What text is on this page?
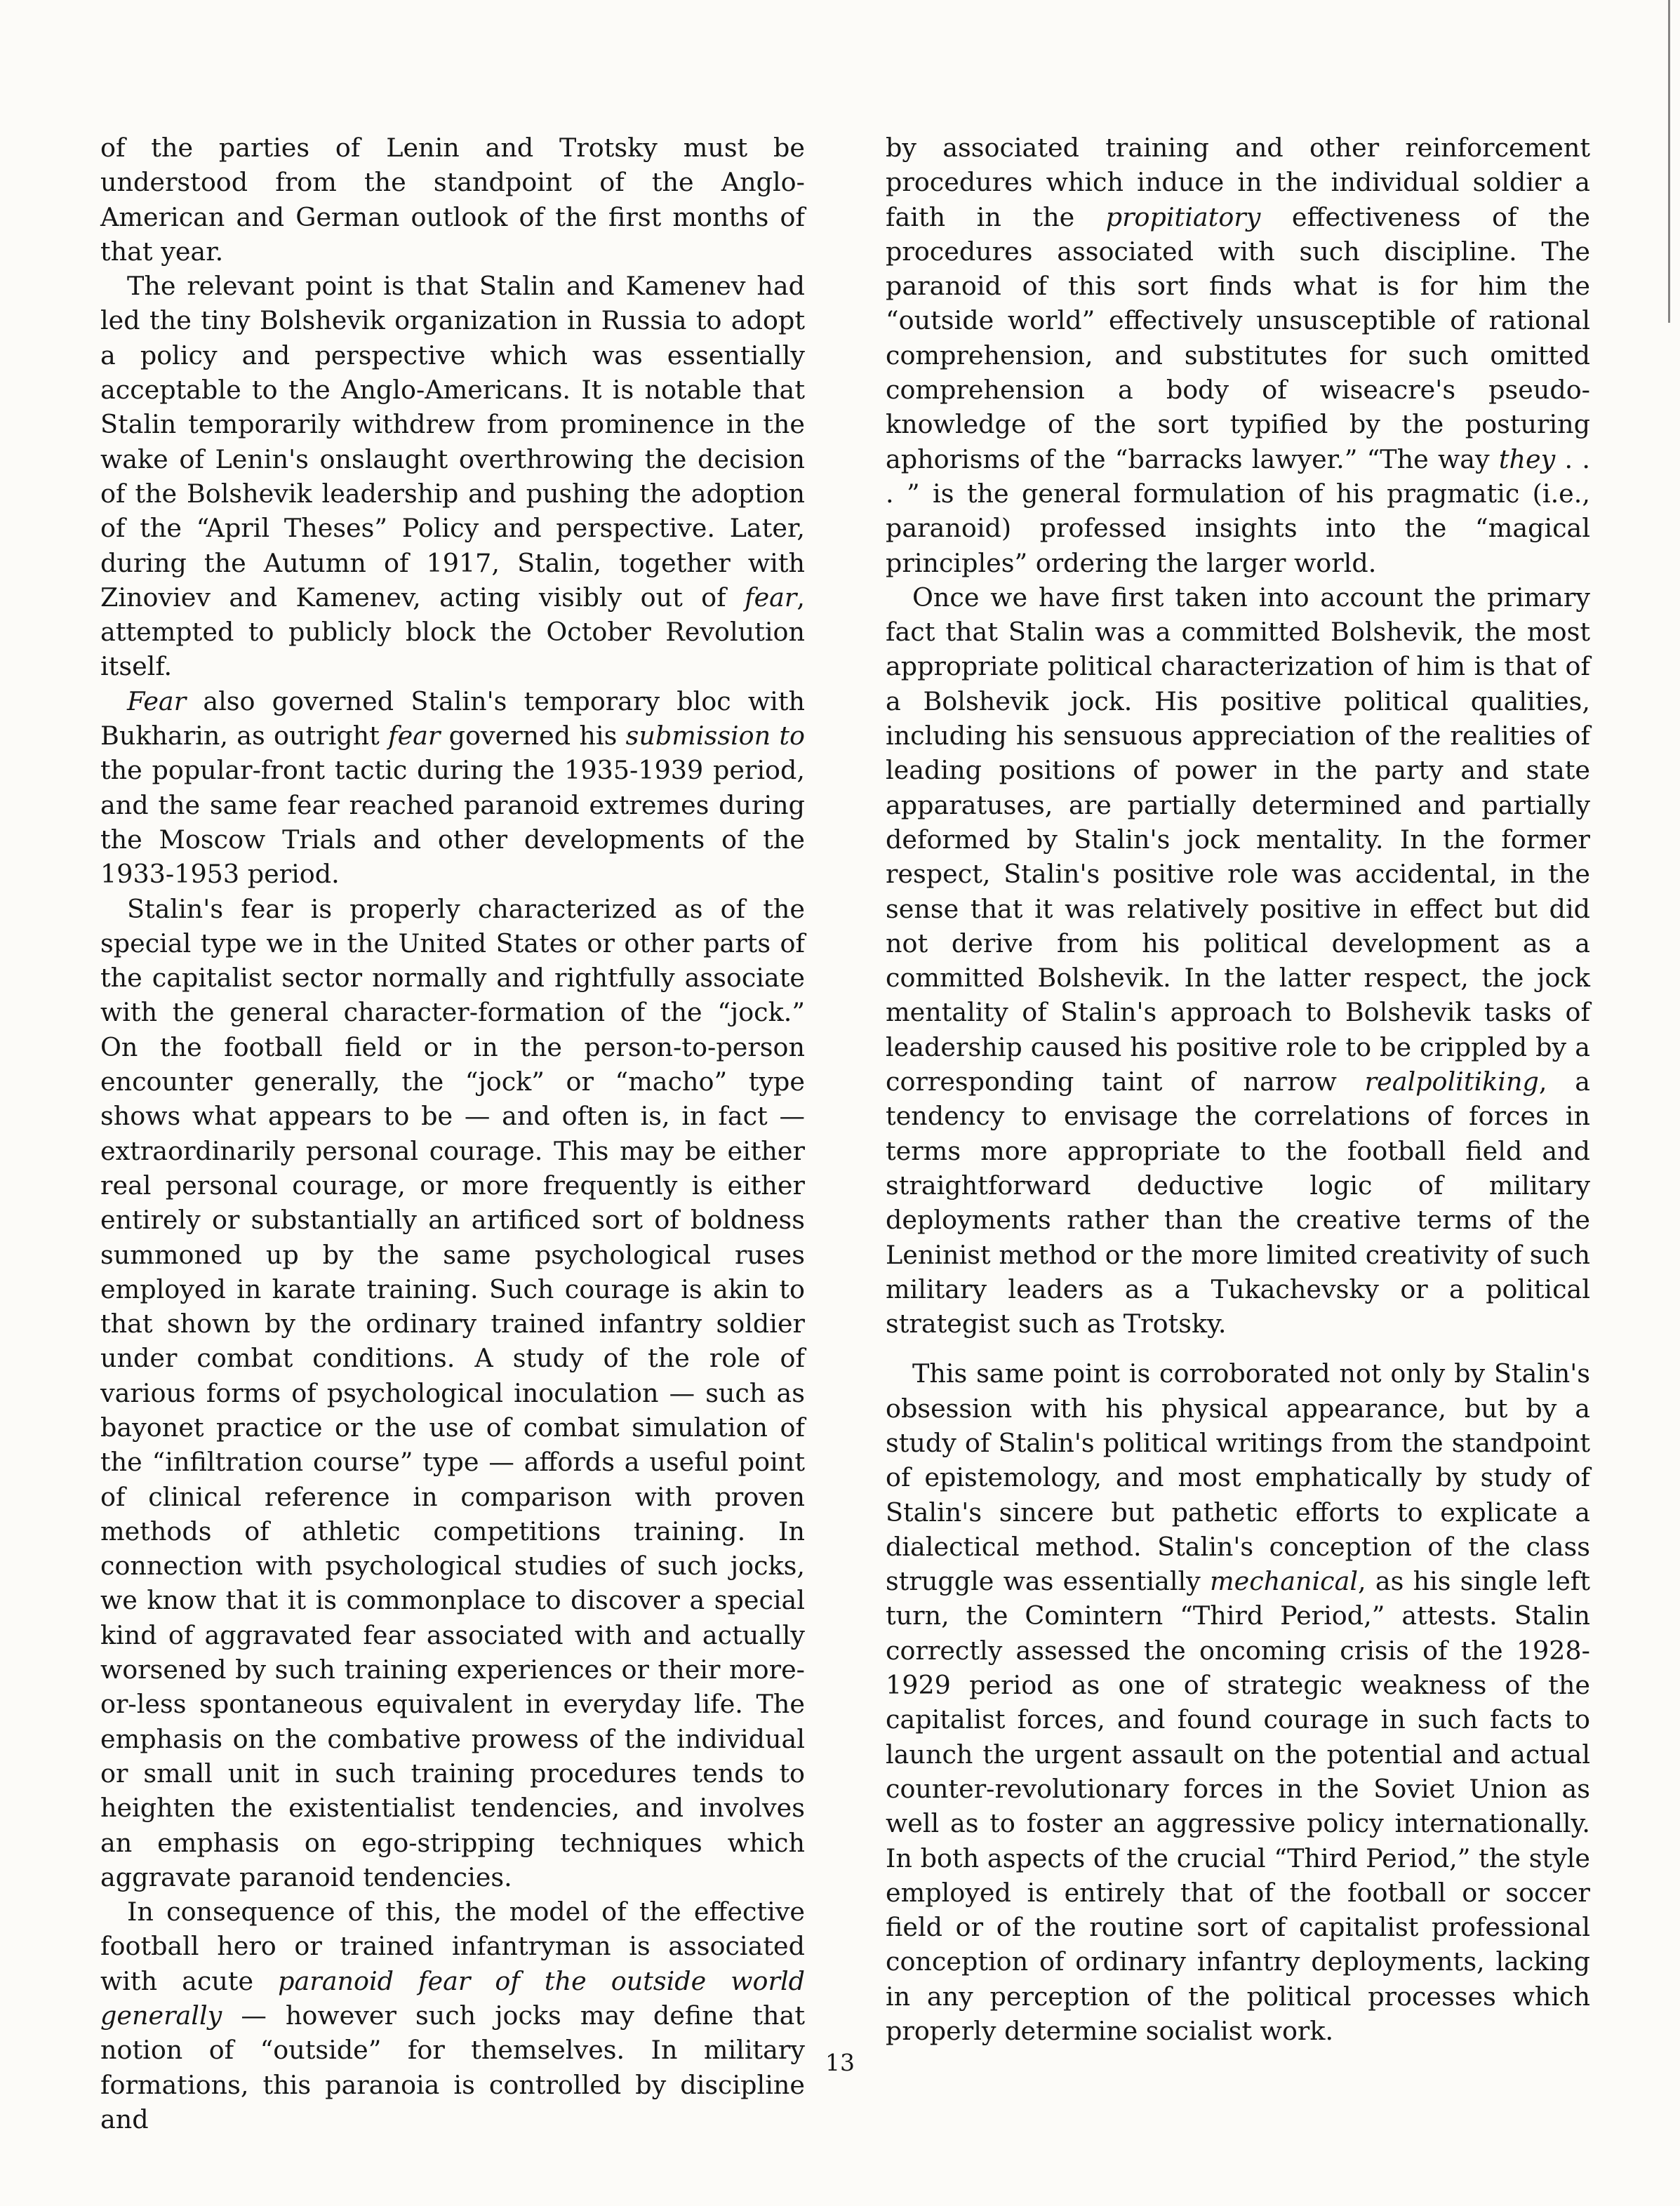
of the parties of Lenin and Trotsky must be understood from the standpoint of the Anglo-American and German outlook of the first months of that year.

The relevant point is that Stalin and Kamenev had led the tiny Bolshevik organization in Russia to adopt a policy and perspective which was essentially acceptable to the Anglo-Americans. It is notable that Stalin temporarily withdrew from prominence in the wake of Lenin's onslaught overthrowing the decision of the Bolshevik leadership and pushing the adoption of the “April Theses” Policy and perspective. Later, during the Autumn of 1917, Stalin, together with Zinoviev and Kamenev, acting visibly out of fear, attempted to publicly block the October Revolution itself.

Fear also governed Stalin's temporary bloc with Bukharin, as outright fear governed his submission to the popular-front tactic during the 1935-1939 period, and the same fear reached paranoid extremes during the Moscow Trials and other developments of the 1933-1953 period.

Stalin's fear is properly characterized as of the special type we in the United States or other parts of the capitalist sector normally and rightfully associate with the general character-formation of the “jock.” On the football field or in the person-to-person encounter generally, the “jock” or “macho” type shows what appears to be — and often is, in fact — extraordinarily personal courage. This may be either real personal courage, or more frequently is either entirely or substantially an artificed sort of boldness summoned up by the same psychological ruses employed in karate training. Such courage is akin to that shown by the ordinary trained infantry soldier under combat conditions. A study of the role of various forms of psychological inoculation — such as bayonet practice or the use of combat simulation of the “infiltration course” type — affords a useful point of clinical reference in comparison with proven methods of athletic competitions training. In connection with psychological studies of such jocks, we know that it is commonplace to discover a special kind of aggravated fear associated with and actually worsened by such training experiences or their more-or-less spontaneous equivalent in everyday life. The emphasis on the combative prowess of the individual or small unit in such training procedures tends to heighten the existentialist tendencies, and involves an emphasis on ego-stripping techniques which aggravate paranoid tendencies.

In consequence of this, the model of the effective football hero or trained infantryman is associated with acute paranoid fear of the outside world generally — however such jocks may define that notion of “outside” for themselves. In military formations, this paranoia is controlled by discipline and

by associated training and other reinforcement procedures which induce in the individual soldier a faith in the propitiatory effectiveness of the procedures associated with such discipline. The paranoid of this sort finds what is for him the “outside world” effectively unsusceptible of rational comprehension, and substitutes for such omitted comprehension a body of wiseacre's pseudo-knowledge of the sort typified by the posturing aphorisms of the “barracks lawyer.” “The way they . . . ” is the general formulation of his pragmatic (i.e., paranoid) professed insights into the “magical principles” ordering the larger world.

Once we have first taken into account the primary fact that Stalin was a committed Bolshevik, the most appropriate political characterization of him is that of a Bolshevik jock. His positive political qualities, including his sensuous appreciation of the realities of leading positions of power in the party and state apparatuses, are partially determined and partially deformed by Stalin's jock mentality. In the former respect, Stalin's positive role was accidental, in the sense that it was relatively positive in effect but did not derive from his political development as a committed Bolshevik. In the latter respect, the jock mentality of Stalin's approach to Bolshevik tasks of leadership caused his positive role to be crippled by a corresponding taint of narrow realpolitiking, a tendency to envisage the correlations of forces in terms more appropriate to the football field and straightforward deductive logic of military deployments rather than the creative terms of the Leninist method or the more limited creativity of such military leaders as a Tukachevsky or a political strategist such as Trotsky.

This same point is corroborated not only by Stalin's obsession with his physical appearance, but by a study of Stalin's political writings from the standpoint of epistemology, and most emphatically by study of Stalin's sincere but pathetic efforts to explicate a dialectical method. Stalin's conception of the class struggle was essentially mechanical, as his single left turn, the Comintern “Third Period,” attests. Stalin correctly assessed the oncoming crisis of the 1928-1929 period as one of strategic weakness of the capitalist forces, and found courage in such facts to launch the urgent assault on the potential and actual counter-revolutionary forces in the Soviet Union as well as to foster an aggressive policy internationally. In both aspects of the crucial “Third Period,” the style employed is entirely that of the football or soccer field or of the routine sort of capitalist professional conception of ordinary infantry deployments, lacking in any perception of the political processes which properly determine socialist work.

13
